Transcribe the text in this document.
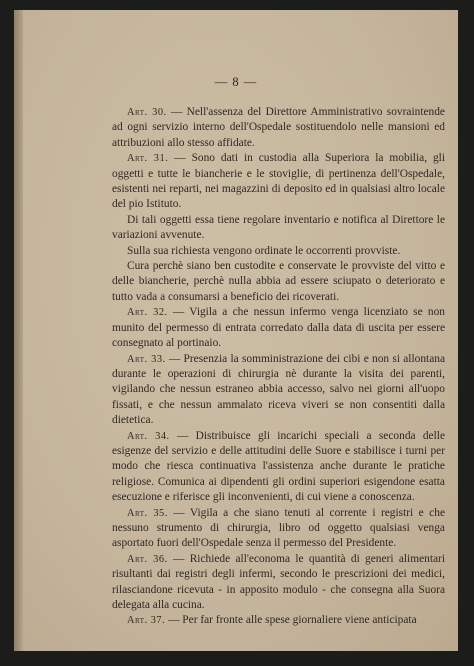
— 8 —

Art. 30. — Nell'assenza del Direttore Amministrativo sovraintende ad ogni servizio interno dell'Ospedale sostituendolo nelle mansioni ed attribuzioni allo stesso affidate.

Art. 31. — Sono dati in custodia alla Superiora la mobilia, gli oggetti e tutte le biancherie e le stoviglie, di pertinenza dell'Ospedale, esistenti nei reparti, nei magazzini di deposito ed in qualsiasi altro locale del pio Istituto.

Di tali oggetti essa tiene regolare inventario e notifica al Direttore le variazioni avvenute.

Sulla sua richiesta vengono ordinate le occorrenti provviste.

Cura perchè siano ben custodite e conservate le provviste del vitto e delle biancherie, perchè nulla abbia ad essere sciupato o deteriorato e tutto vada a consumarsi a beneficio dei ricoverati.

Art. 32. — Vigila a che nessun infermo venga licenziato se non munito del permesso di entrata corredato dalla data di uscita per essere consegnato al portinaio.

Art. 33. — Presenzia la somministrazione dei cibi e non si allontana durante le operazioni di chirurgia nè durante la visita dei parenti, vigilando che nessun estraneo abbia accesso, salvo nei giorni all'uopo fissati, e che nessun ammalato riceva viveri se non consentiti dalla dietetica.

Art. 34. — Distribuisce gli incarichi speciali a seconda delle esigenze del servizio e delle attitudini delle Suore e stabilisce i turni per modo che riesca continuativa l'assistenza anche durante le pratiche religiose. Comunica ai dipendenti gli ordini superiori esigendone esatta esecuzione e riferisce gli inconvenienti, di cui viene a conoscenza.

Art. 35. — Vigila a che siano tenuti al corrente i registri e che nessuno strumento di chirurgia, libro od oggetto qualsiasi venga asportato fuori dell'Ospedale senza il permesso del Presidente.

Art. 36. — Richiede all'economa le quantità di generi alimentari risultanti dai registri degli infermi, secondo le prescrizioni dei medici, rilasciandone ricevuta - in apposito modulo - che consegna alla Suora delegata alla cucina.

Art. 37. — Per far fronte alle spese giornaliere viene anticipata
